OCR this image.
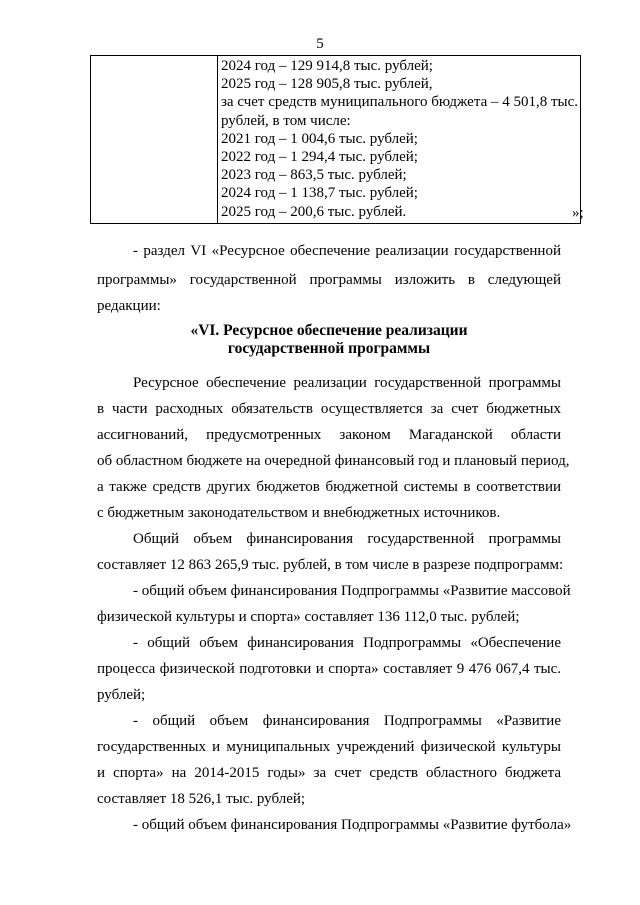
5

2024 год – 129 914,8 тыс. рублей;
2025 год – 128 905,8 тыс. рублей,
за счет средств муниципального бюджета – 4 501,8 тыс.
рублей, в том числе:
2021 год – 1 004,6 тыс. рублей;
2022 год – 1 294,4 тыс. рублей;
2023 год – 863,5 тыс. рублей;
2024 год – 1 138,7 тыс. рублей;
2025 год – 200,6 тыс. рублей.	»;
- раздел VI «Ресурсное обеспечение реализации государственной
программы» государственной программы изложить в следующей
редакции:
«VI. Ресурсное обеспечение реализации
государственной программы
Ресурсное обеспечение реализации государственной программы
в части расходных обязательств осуществляется за счет бюджетных
ассигнований, предусмотренных законом Магаданской области
об областном бюджете на очередной финансовый год и плановый период,
а также средств других бюджетов бюджетной системы в соответствии
с бюджетным законодательством и внебюджетных источников.
Общий объем финансирования государственной программы
составляет 12 863 265,9 тыс. рублей, в том числе в разрезе подпрограмм:
- общий объем финансирования Подпрограммы «Развитие массовой
физической культуры и спорта» составляет 136 112,0 тыс. рублей;
- общий объем финансирования Подпрограммы «Обеспечение
процесса физической подготовки и спорта» составляет 9 476 067,4 тыс.
рублей;
- общий объем финансирования Подпрограммы «Развитие
государственных и муниципальных учреждений физической культуры
и спорта» на 2014-2015 годы» за счет средств областного бюджета
составляет 18 526,1 тыс. рублей;
- общий объем финансирования Подпрограммы «Развитие футбола»
